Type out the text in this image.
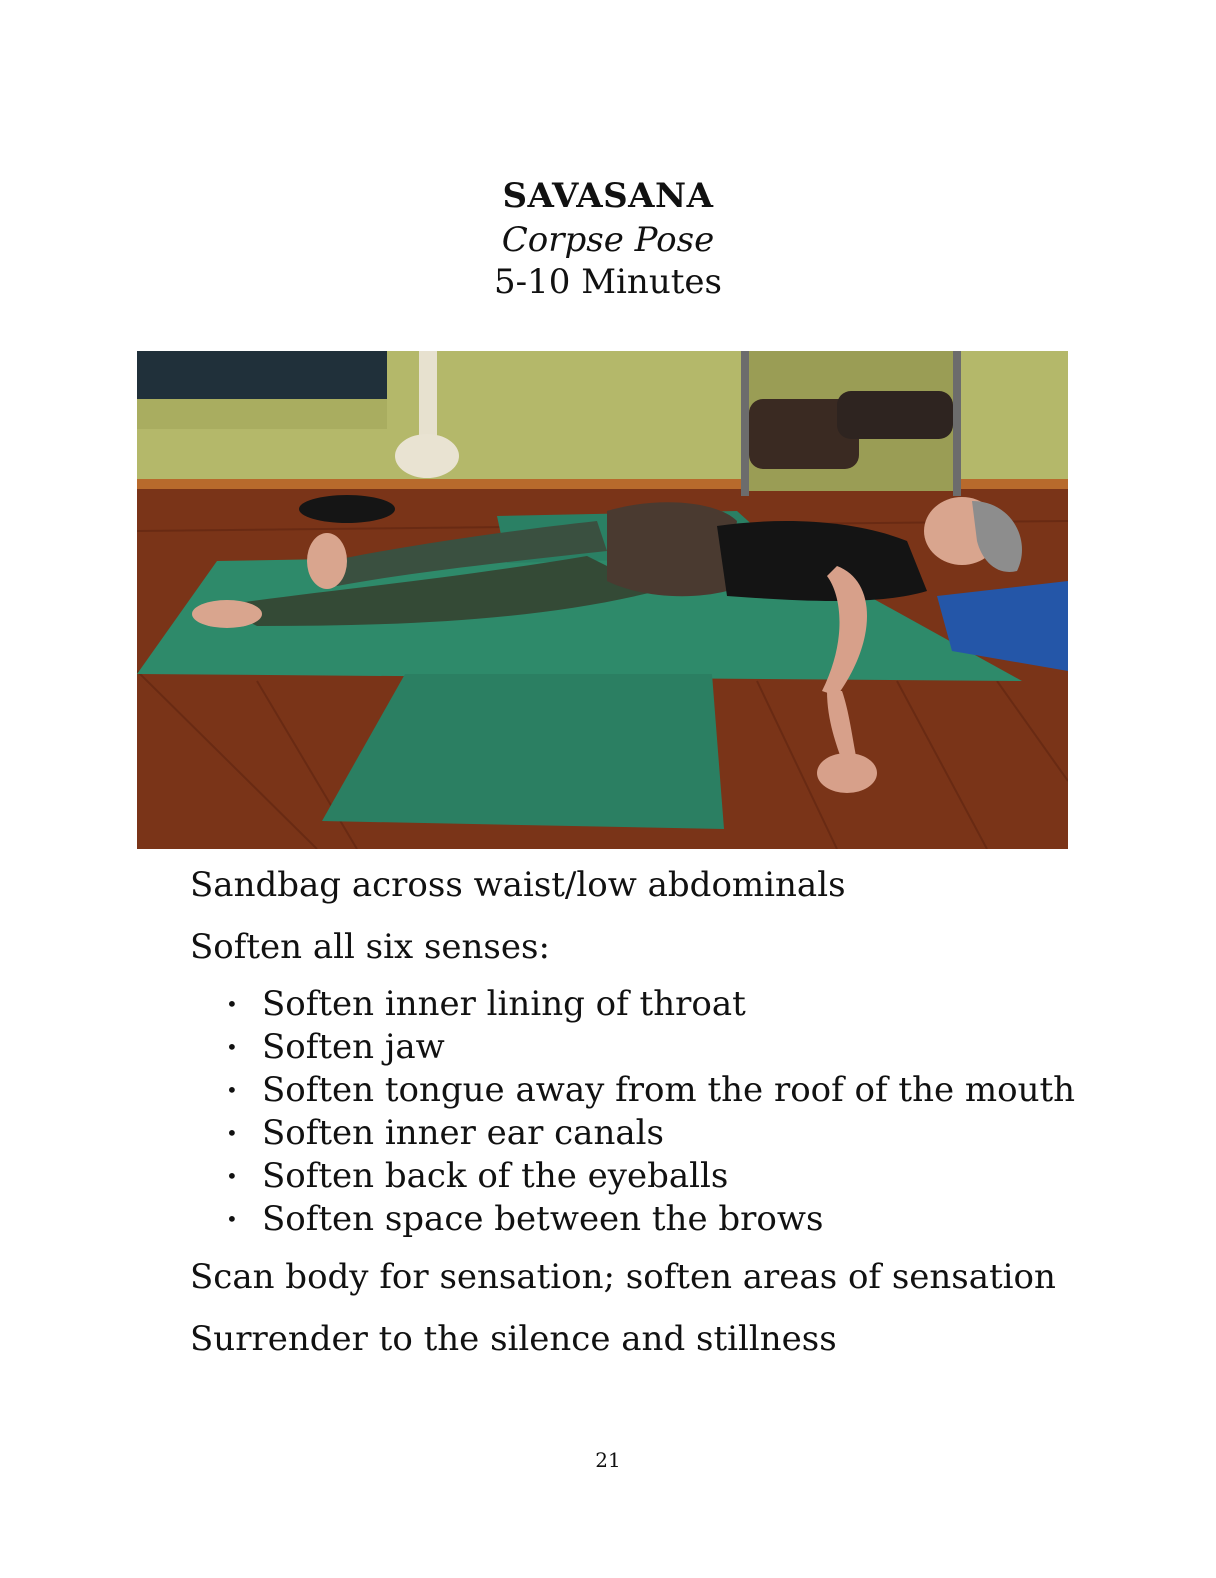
SAVASANA
Corpse Pose
5-10 Minutes
Sandbag across waist/low abdominals
Soften all six senses:
• Soften inner lining of throat
• Soften jaw
• Soften tongue away from the roof of the mouth
• Soften inner ear canals
• Soften back of the eyeballs
• Soften space between the brows
Scan body for sensation; soften areas of sensation
Surrender to the silence and stillness
21
